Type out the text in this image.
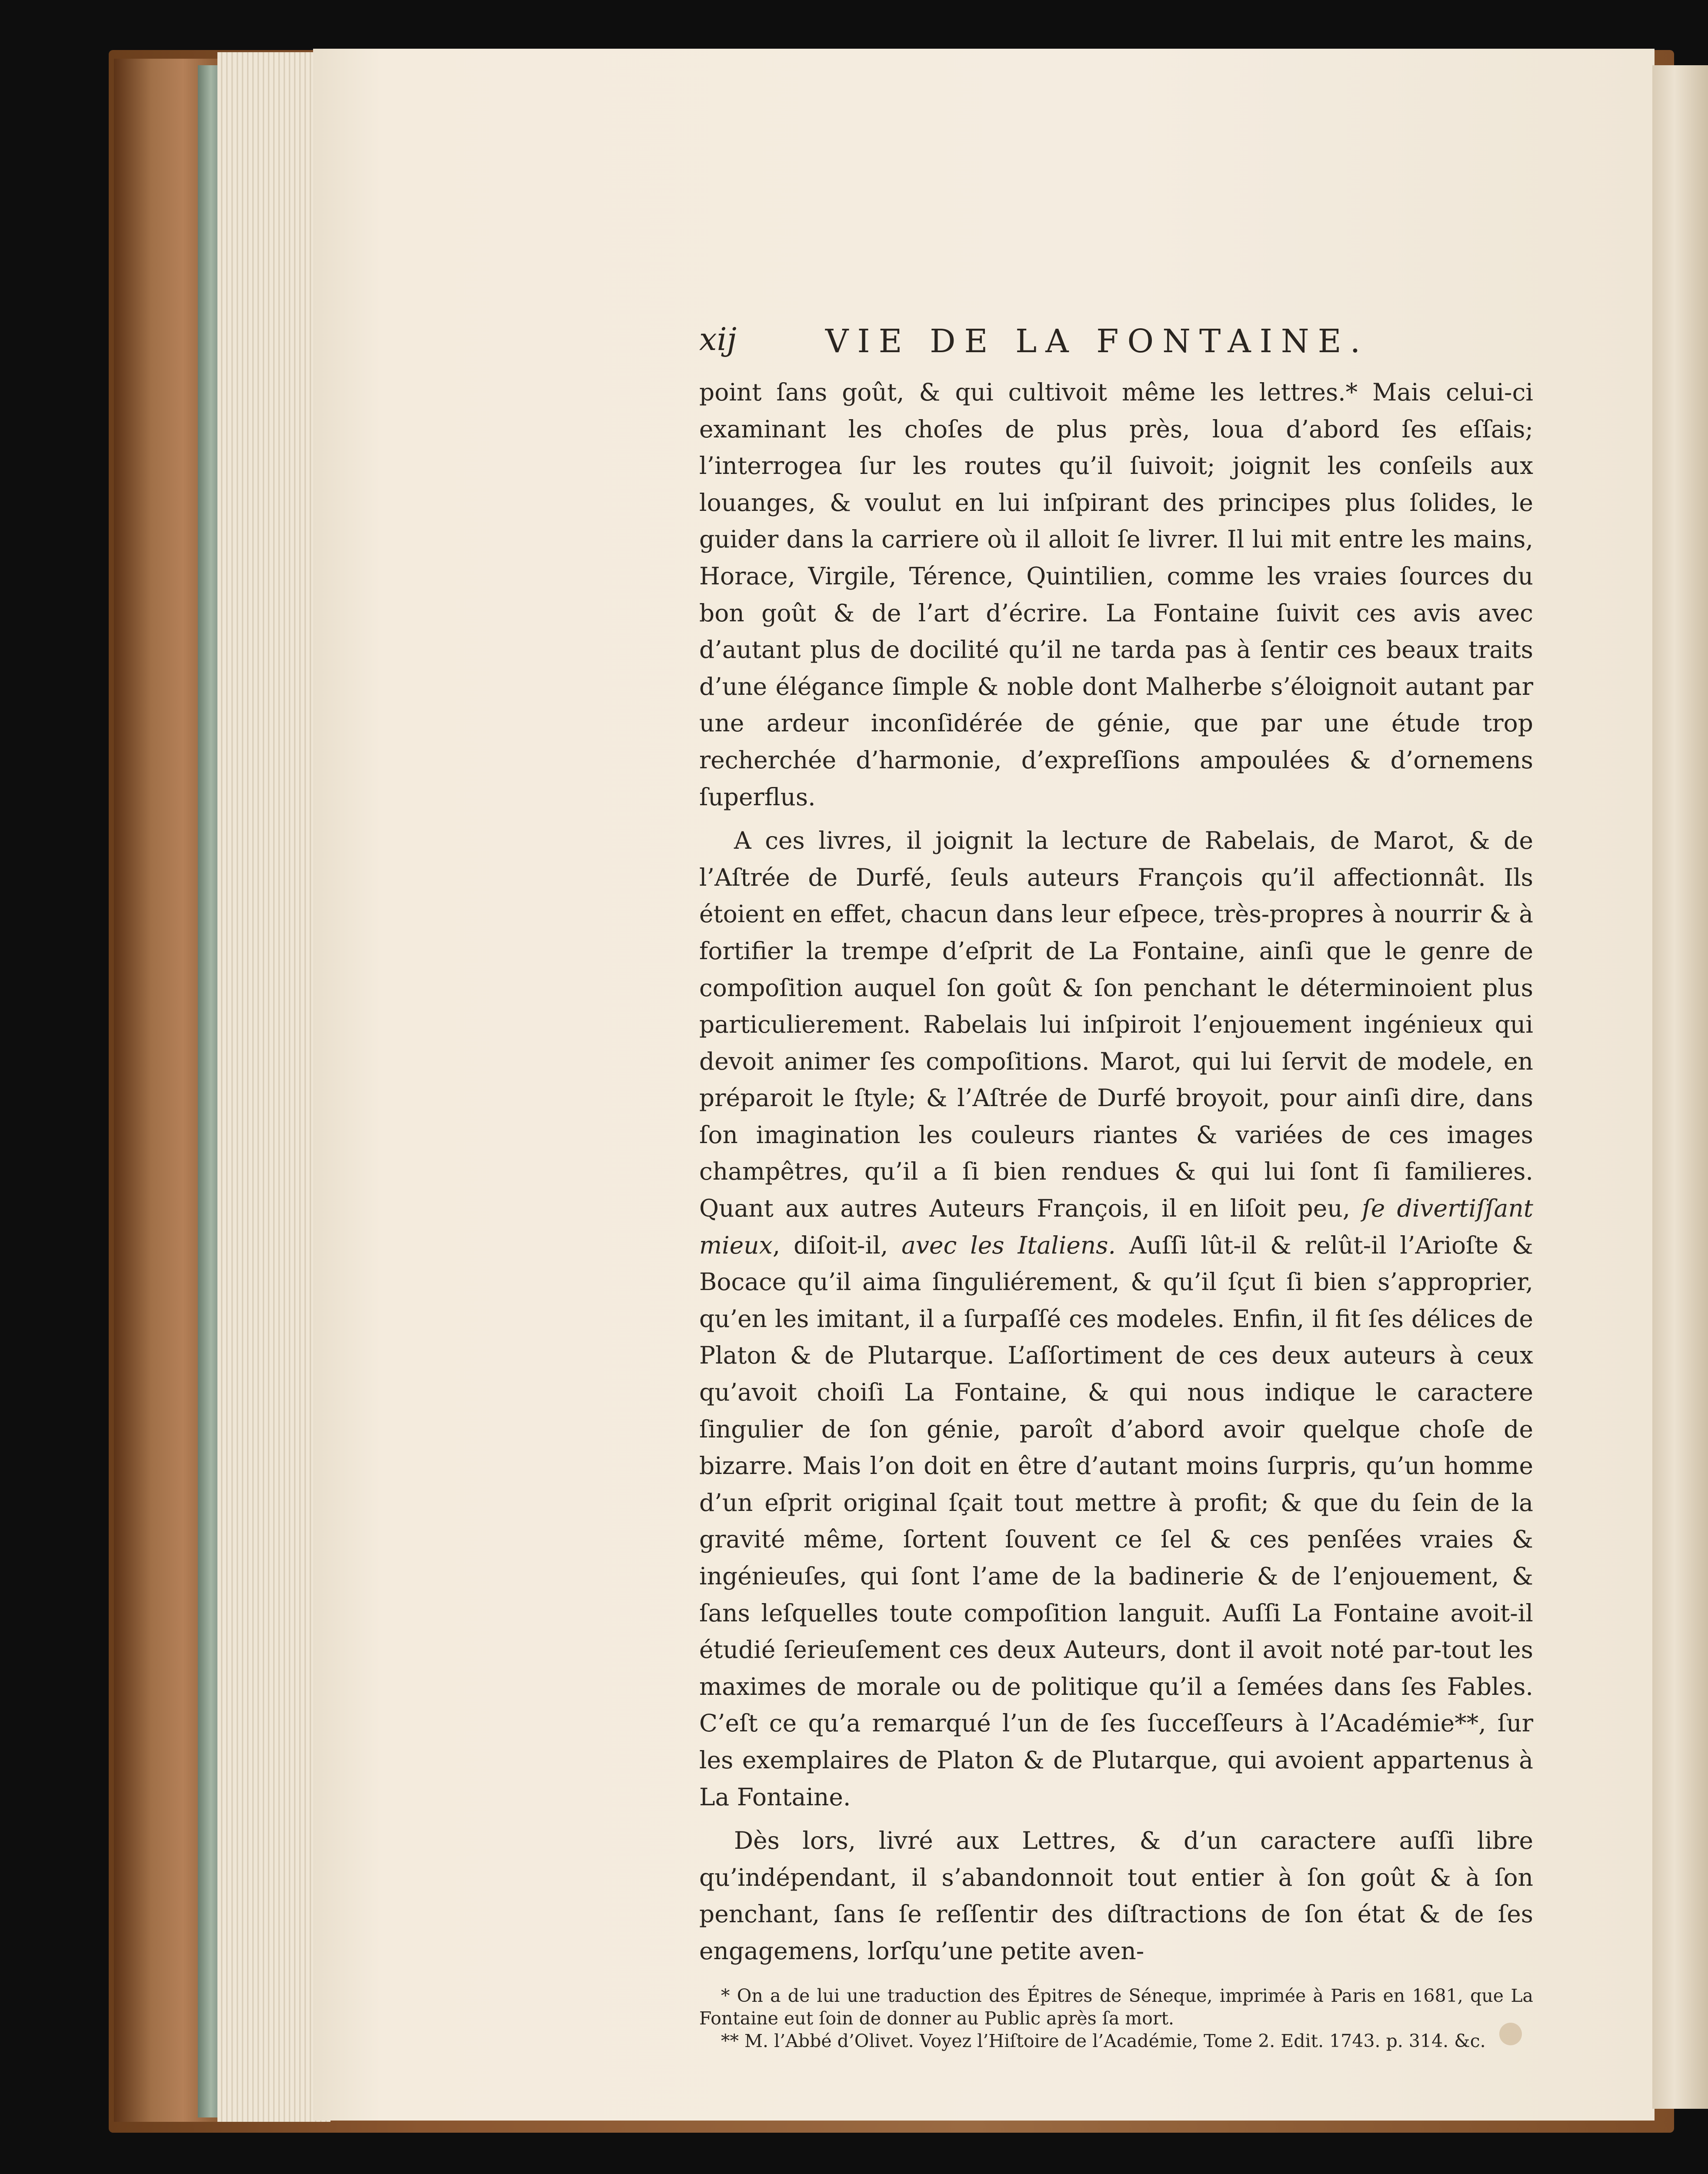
xij	VIE DE LA FONTAINE.

point ſans goût, & qui cultivoit même les lettres.* Mais celui-ci examinant les choſes de plus près, loua d’abord ſes eſſais; l’interrogea ſur les routes qu’il ſuivoit; joignit les conſeils aux louanges, & voulut en lui inſpirant des principes plus ſolides, le guider dans la carriere où il alloit ſe livrer. Il lui mit entre les mains, Horace, Virgile, Térence, Quintilien, comme les vraies ſources du bon goût & de l’art d’écrire. La Fontaine ſuivit ces avis avec d’autant plus de docilité qu’il ne tarda pas à ſentir ces beaux traits d’une élégance ſimple & noble dont Malherbe s’éloignoit autant par une ardeur inconſidérée de génie, que par une étude trop recherchée d’harmonie, d’expreſſions ampoulées & d’ornemens ſuperflus.

A ces livres, il joignit la lecture de Rabelais, de Marot, & de l’Aſtrée de Durfé, ſeuls auteurs François qu’il affectionnât. Ils étoient en effet, chacun dans leur eſpece, très-propres à nourrir & à fortifier la trempe d’eſprit de La Fontaine, ainſi que le genre de compoſition auquel ſon goût & ſon penchant le déterminoient plus particulierement. Rabelais lui inſpiroit l’enjouement ingénieux qui devoit animer ſes compoſitions. Marot, qui lui ſervit de modele, en préparoit le ſtyle; & l’Aſtrée de Durfé broyoit, pour ainſi dire, dans ſon imagination les couleurs riantes & variées de ces images champêtres, qu’il a ſi bien rendues & qui lui ſont ſi familieres. Quant aux autres Auteurs François, il en liſoit peu, ſe divertiſſant mieux, diſoit-il, avec les Italiens. Auſſi lût-il & relût-il l’Arioſte & Bocace qu’il aima ſinguliérement, & qu’il ſçut ſi bien s’approprier, qu’en les imitant, il a ſurpaſſé ces modeles. Enfin, il fit ſes délices de Platon & de Plutarque. L’aſſortiment de ces deux auteurs à ceux qu’avoit choiſi La Fontaine, & qui nous indique le caractere ſingulier de ſon génie, paroît d’abord avoir quelque choſe de bizarre. Mais l’on doit en être d’autant moins ſurpris, qu’un homme d’un eſprit original ſçait tout mettre à profit; & que du ſein de la gravité même, ſortent ſouvent ce ſel & ces penſées vraies & ingénieuſes, qui ſont l’ame de la badinerie & de l’enjouement, & ſans leſquelles toute compoſition languit. Auſſi La Fontaine avoit-il étudié ſerieuſement ces deux Auteurs, dont il avoit noté par-tout les maximes de morale ou de politique qu’il a ſemées dans ſes Fables. C’eſt ce qu’a remarqué l’un de ſes ſucceſſeurs à l’Académie**, ſur les exemplaires de Platon & de Plutarque, qui avoient appartenus à La Fontaine.

Dès lors, livré aux Lettres, & d’un caractere auſſi libre qu’indépendant, il s’abandonnoit tout entier à ſon goût & à ſon penchant, ſans ſe reſſentir des diſtractions de ſon état & de ſes engagemens, lorſqu’une petite aven-

* On a de lui une traduction des Épitres de Séneque, imprimée à Paris en 1681, que La Fontaine eut ſoin de donner au Public après ſa mort.

** M. l’Abbé d’Olivet. Voyez l’Hiſtoire de l’Académie, Tome 2. Edit. 1743. p. 314. &c.
